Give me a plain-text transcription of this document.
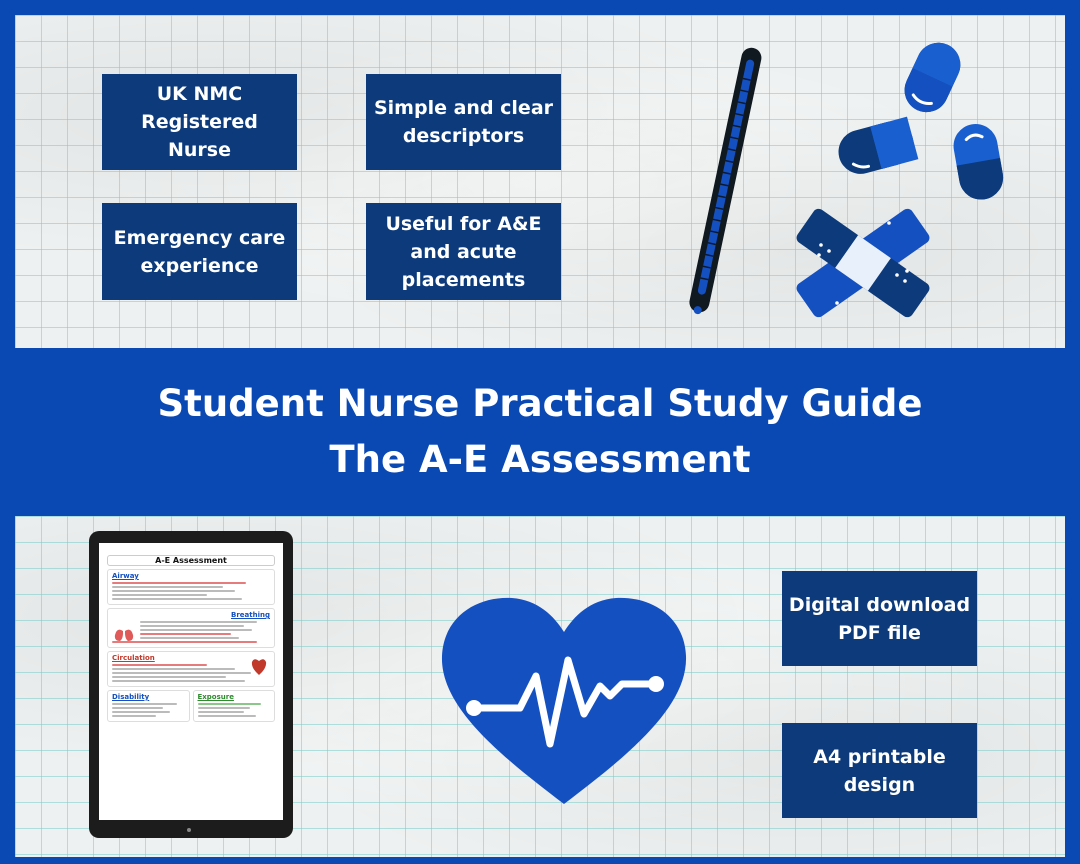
UK NMC
Registered Nurse
Simple and clear
descriptors
Emergency care
experience
Useful for A&E
and acute
placements
Student Nurse Practical Study Guide
The A-E Assessment
A-E Assessment
Airway
Breathing
Circulation
Disability	Exposure
Digital download
PDF file
A4 printable
design
